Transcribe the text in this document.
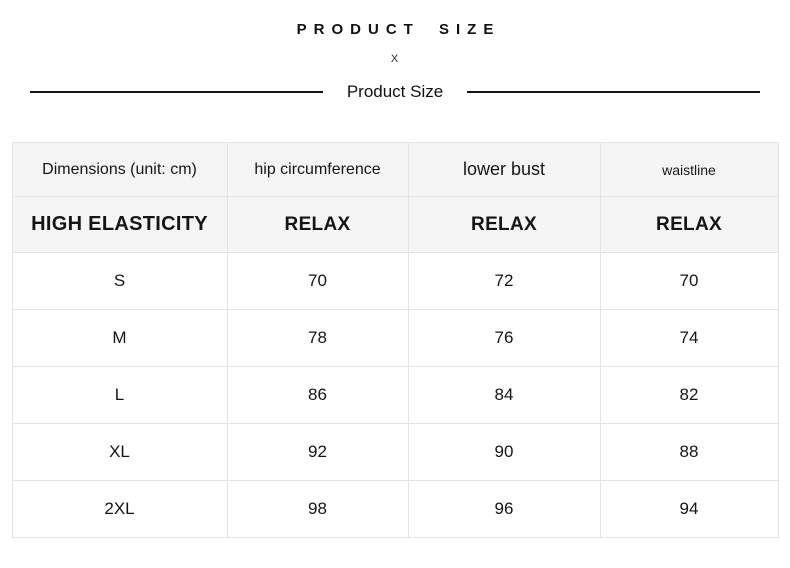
PRODUCT SIZE
X
Product Size
Dimensions (unit: cm)	hip circumference	lower bust	waistline
HIGH ELASTICITY	RELAX	RELAX	RELAX
S	70	72	70
M	78	76	74
L	86	84	82
XL	92	90	88
2XL	98	96	94
